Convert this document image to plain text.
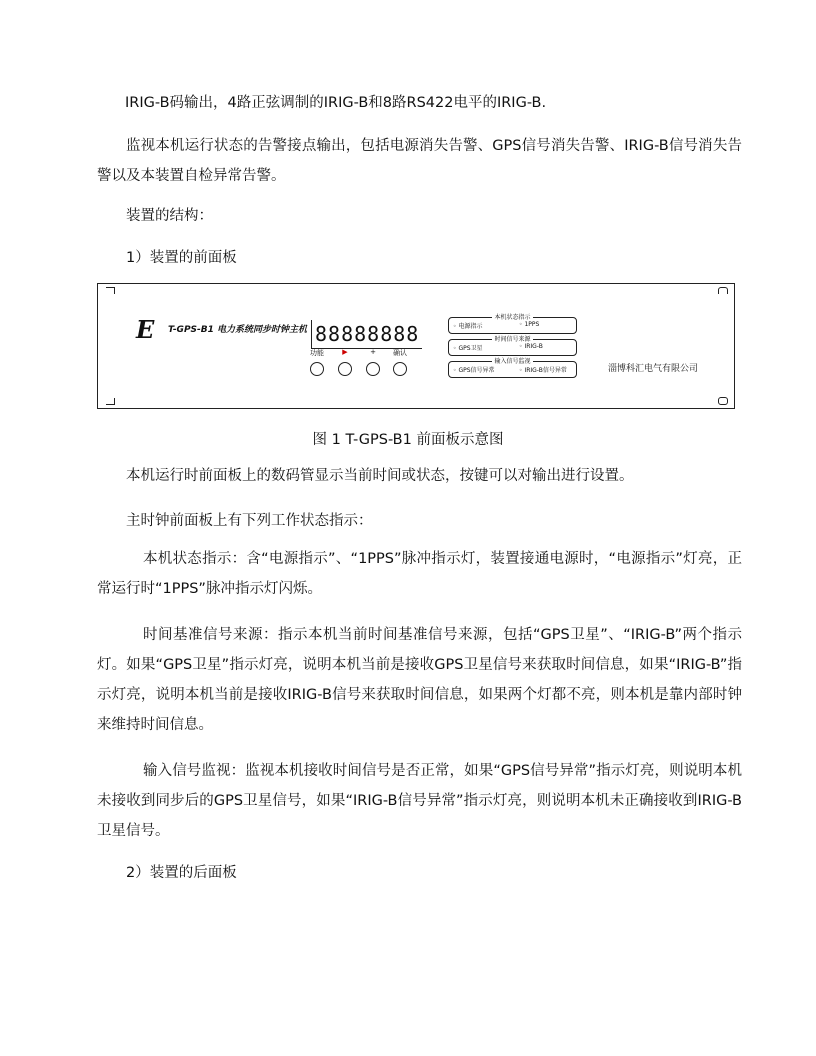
IRIG-B码输出，4路正弦调制的IRIG-B和8路RS422电平的IRIG-B.
监视本机运行状态的告警接点输出，包括电源消失告警、GPS信号消失告警、IRIG-B信号消失告警以及本装置自检异常告警。
装置的结构：
1）装置的前面板
E T-GPS-B1 电力系统同步时钟主机 88888888
功能	▶	+	确认
本机状态指示
◦ 电源指示	◦ 1PPS
时间信号来源
◦ GPS卫星	◦ IRIG-B
输入信号监视
◦ GPS信号异常	◦ IRIG-B信号异常	淄博科汇电气有限公司
图 1 T-GPS-B1 前面板示意图
本机运行时前面板上的数码管显示当前时间或状态，按键可以对输出进行设置。
主时钟前面板上有下列工作状态指示：
本机状态指示：含“电源指示”、“1PPS”脉冲指示灯，装置接通电源时，“电源指示”灯亮，正常运行时“1PPS”脉冲指示灯闪烁。
时间基准信号来源：指示本机当前时间基准信号来源，包括“GPS卫星”、“IRIG-B”两个指示灯。如果“GPS卫星”指示灯亮，说明本机当前是接收GPS卫星信号来获取时间信息，如果“IRIG-B”指示灯亮，说明本机当前是接收IRIG-B信号来获取时间信息，如果两个灯都不亮，则本机是靠内部时钟来维持时间信息。
输入信号监视：监视本机接收时间信号是否正常，如果“GPS信号异常”指示灯亮，则说明本机未接收到同步后的GPS卫星信号，如果“IRIG-B信号异常”指示灯亮，则说明本机未正确接收到IRIG-B卫星信号。
2）装置的后面板
